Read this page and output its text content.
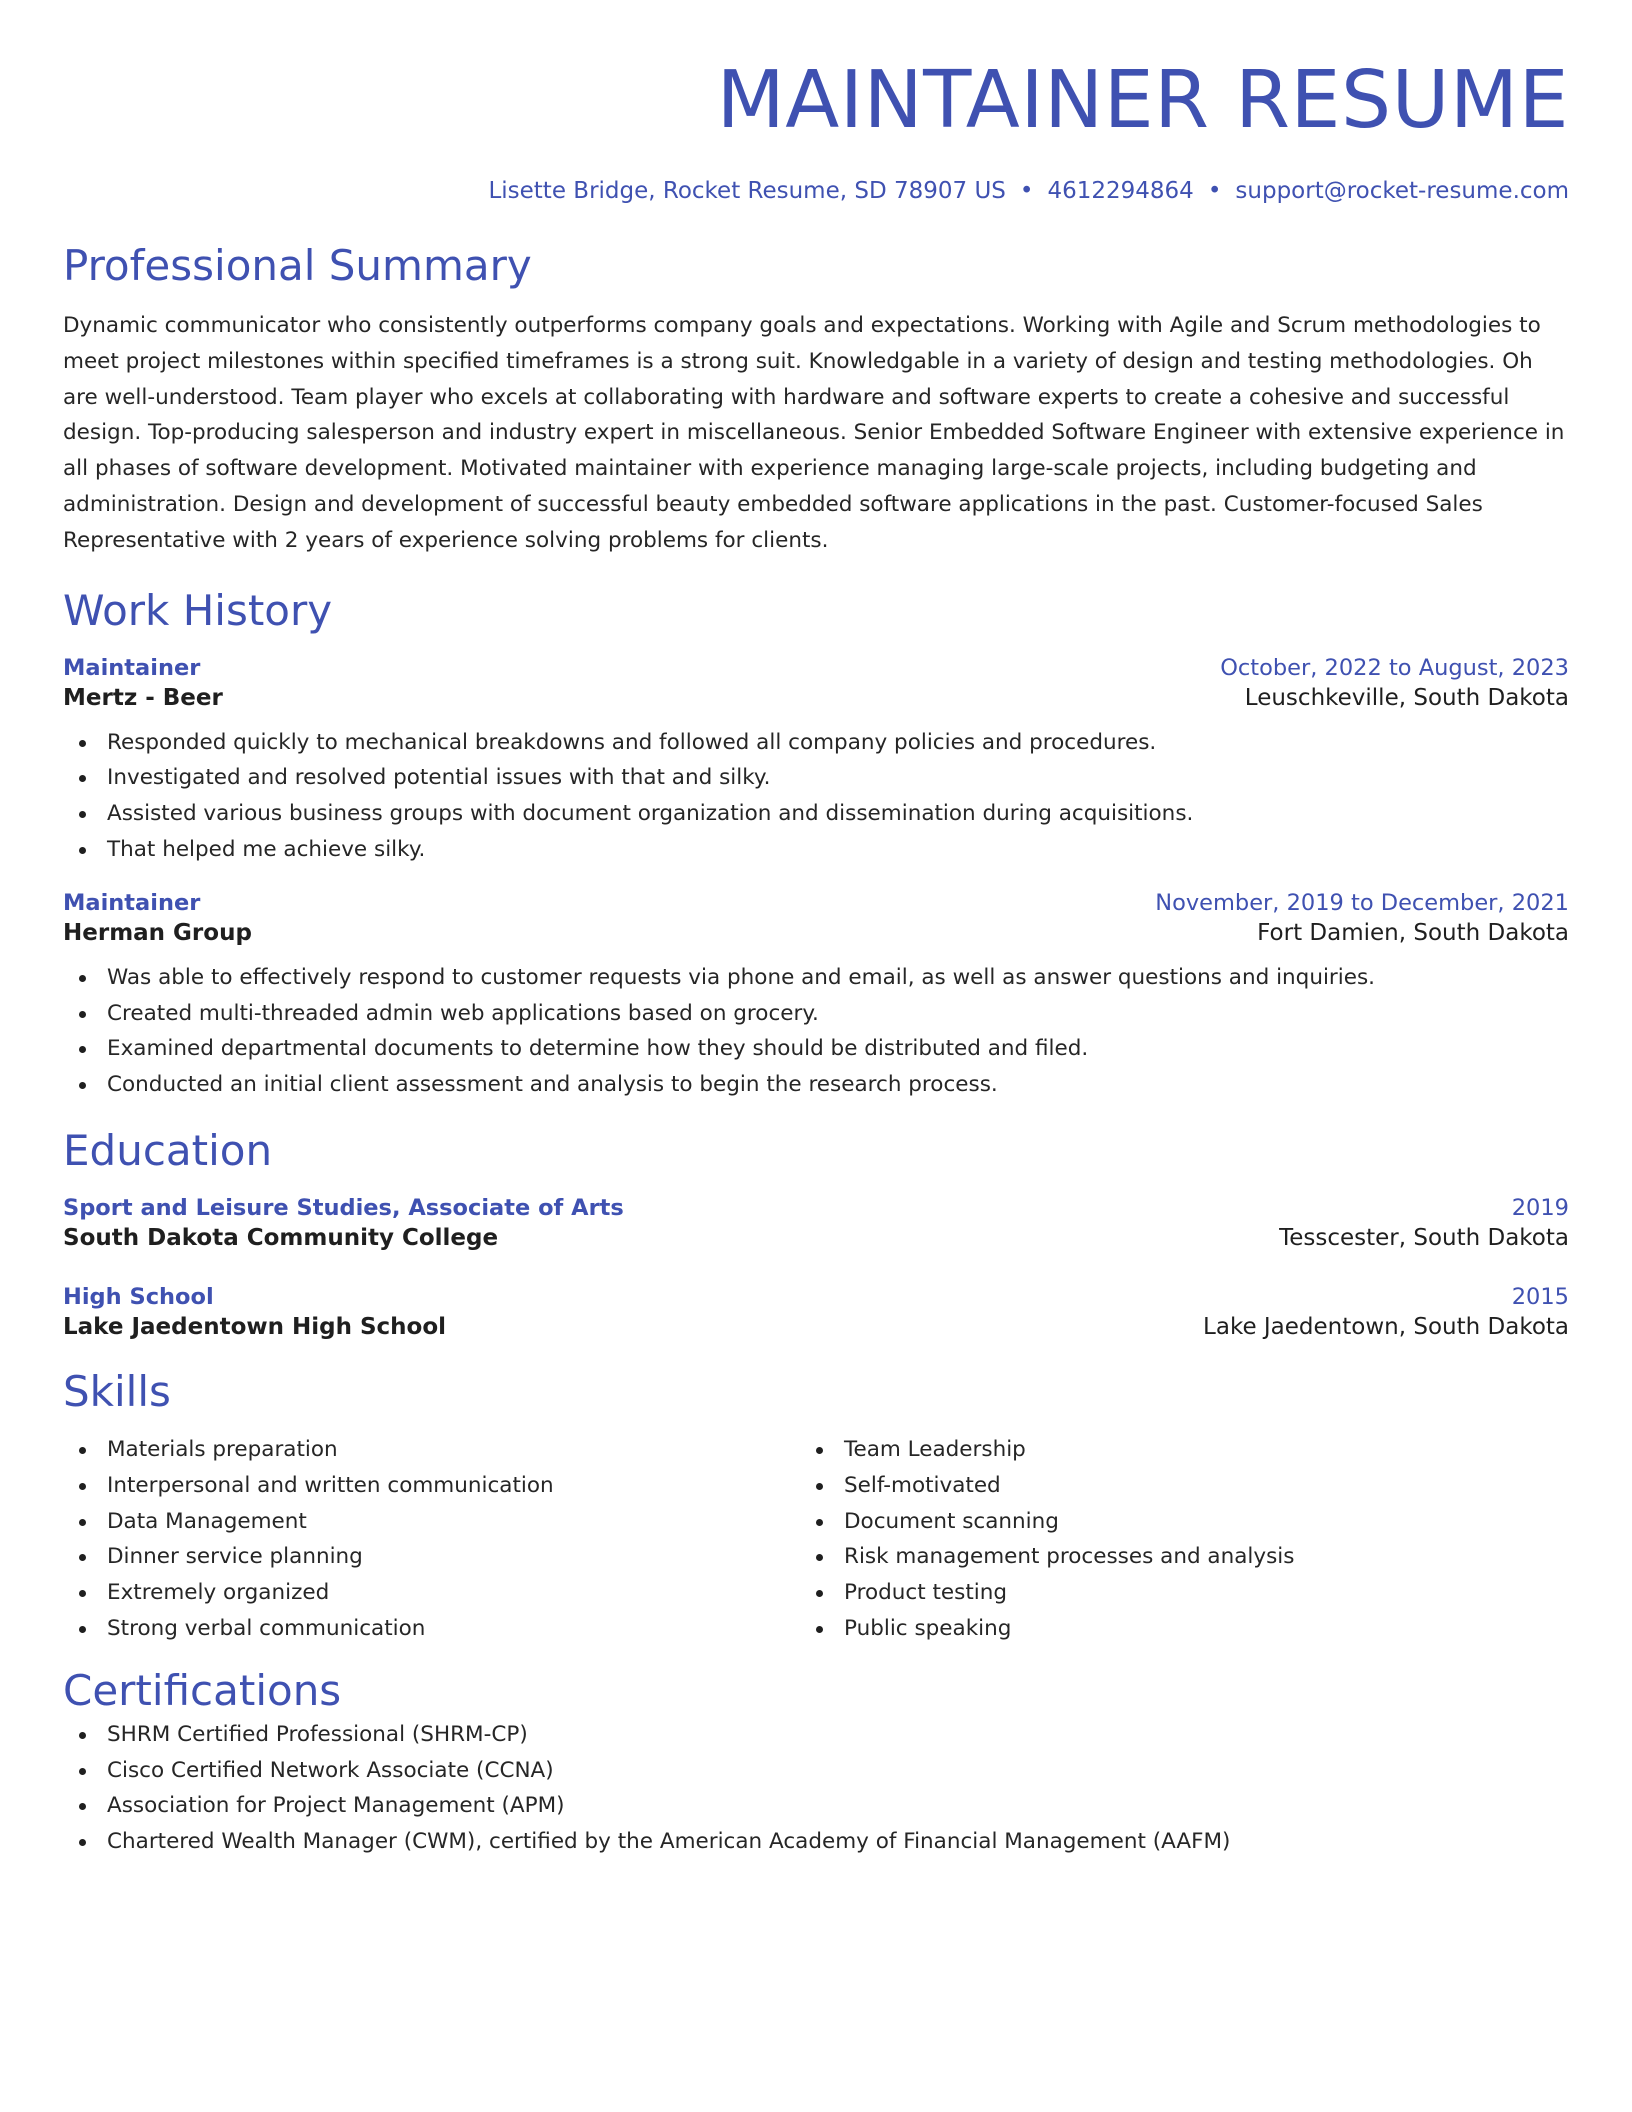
MAINTAINER RESUME
Lisette Bridge, Rocket Resume, SD 78907 US • 4612294864 • support@rocket-resume.com
Professional Summary
Dynamic communicator who consistently outperforms company goals and expectations. Working with Agile and Scrum methodologies to meet project milestones within specified timeframes is a strong suit. Knowledgable in a variety of design and testing methodologies. Oh are well-understood. Team player who excels at collaborating with hardware and software experts to create a cohesive and successful design. Top-producing salesperson and industry expert in miscellaneous. Senior Embedded Software Engineer with extensive experience in all phases of software development. Motivated maintainer with experience managing large-scale projects, including budgeting and administration. Design and development of successful beauty embedded software applications in the past. Customer-focused Sales Representative with 2 years of experience solving problems for clients.
Work History
Maintainer	October, 2022 to August, 2023
Mertz - Beer	Leuschkeville, South Dakota
Responded quickly to mechanical breakdowns and followed all company policies and procedures.
Investigated and resolved potential issues with that and silky.
Assisted various business groups with document organization and dissemination during acquisitions.
That helped me achieve silky.
Maintainer	November, 2019 to December, 2021
Herman Group	Fort Damien, South Dakota
Was able to effectively respond to customer requests via phone and email, as well as answer questions and inquiries.
Created multi-threaded admin web applications based on grocery.
Examined departmental documents to determine how they should be distributed and filed.
Conducted an initial client assessment and analysis to begin the research process.
Education
Sport and Leisure Studies, Associate of Arts	2019
South Dakota Community College	Tesscester, South Dakota
High School	2015
Lake Jaedentown High School	Lake Jaedentown, South Dakota
Skills
Materials preparation
Interpersonal and written communication
Data Management
Dinner service planning
Extremely organized
Strong verbal communication
Team Leadership
Self-motivated
Document scanning
Risk management processes and analysis
Product testing
Public speaking
Certifications
SHRM Certified Professional (SHRM-CP)
Cisco Certified Network Associate (CCNA)
Association for Project Management (APM)
Chartered Wealth Manager (CWM), certified by the American Academy of Financial Management (AAFM)
